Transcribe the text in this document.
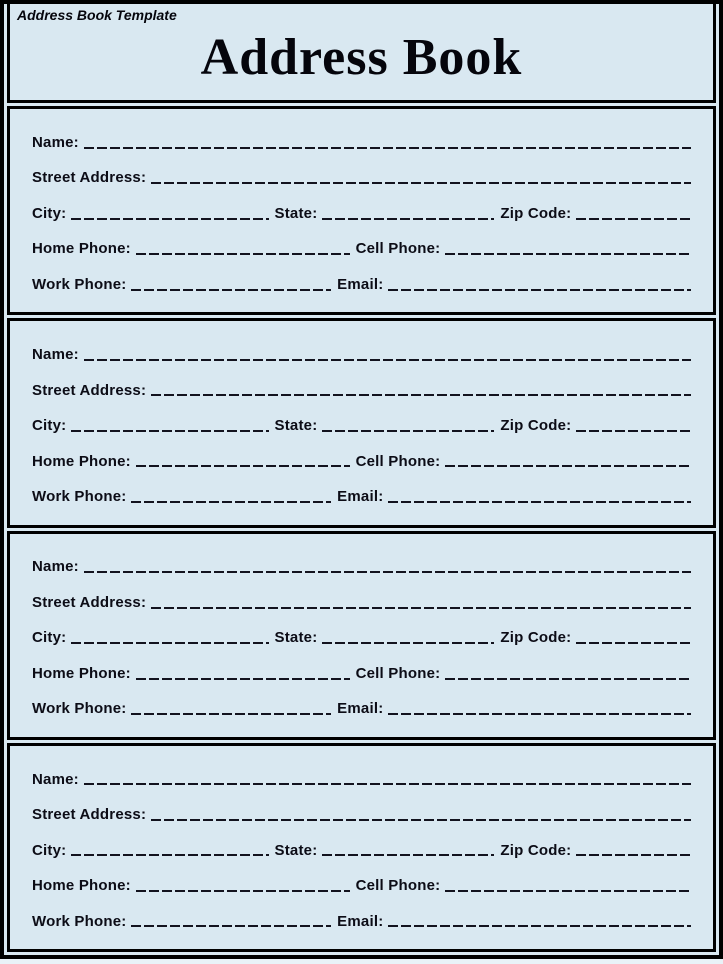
Address Book Template
Address Book
Name:
Street Address:
City:	State:	Zip Code:
Home Phone:	Cell Phone:
Work Phone:	Email:
Name:
Street Address:
City:	State:	Zip Code:
Home Phone:	Cell Phone:
Work Phone:	Email:
Name:
Street Address:
City:	State:	Zip Code:
Home Phone:	Cell Phone:
Work Phone:	Email:
Name:
Street Address:
City:	State:	Zip Code:
Home Phone:	Cell Phone:
Work Phone:	Email:
